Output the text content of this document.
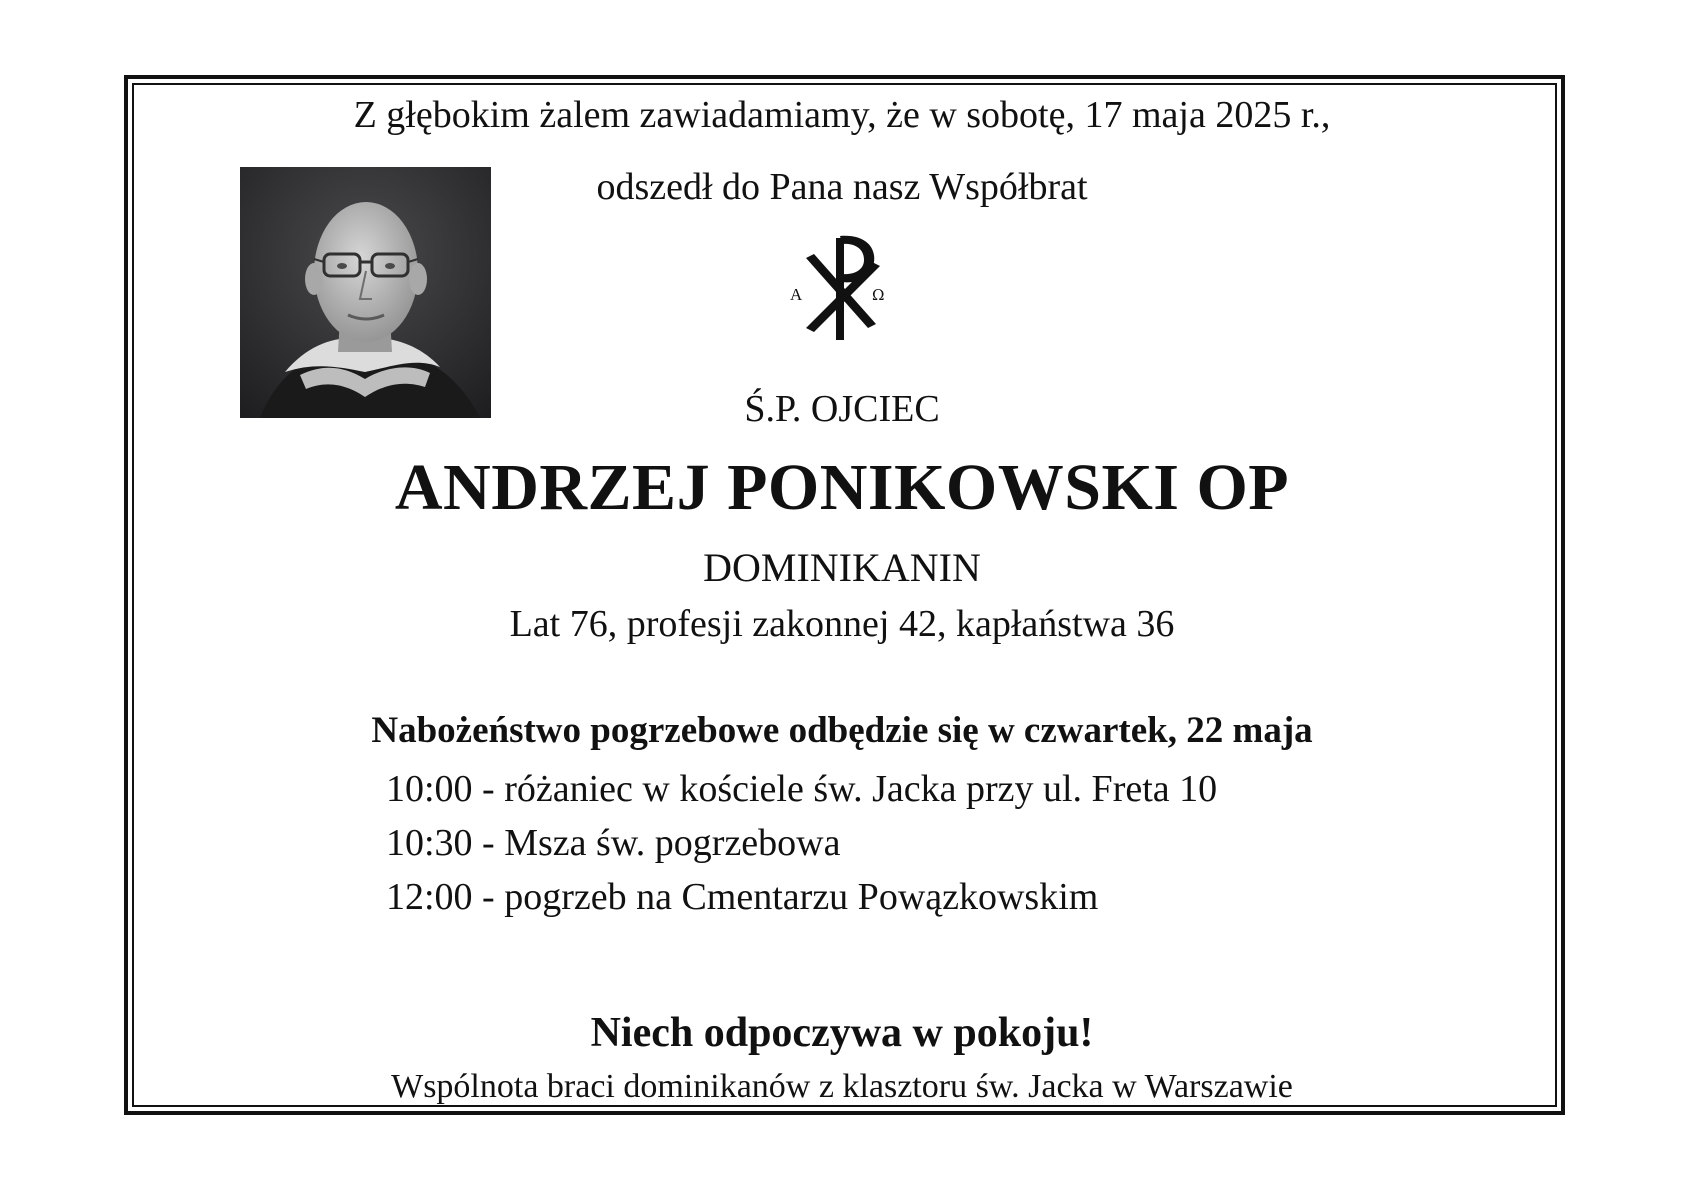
Z głębokim żalem zawiadamiamy, że w sobotę, 17 maja 2025 r.,
odszedł do Pana nasz Współbrat
A	Ω
Ś.P. OJCIEC
ANDRZEJ PONIKOWSKI OP
DOMINIKANIN
Lat 76, profesji zakonnej 42, kapłaństwa 36
Nabożeństwo pogrzebowe odbędzie się w czwartek, 22 maja
10:00 - różaniec w kościele św. Jacka przy ul. Freta 10
10:30 - Msza św. pogrzebowa
12:00 - pogrzeb na Cmentarzu Powązkowskim
Niech odpoczywa w pokoju!
Wspólnota braci dominikanów z klasztoru św. Jacka w Warszawie
